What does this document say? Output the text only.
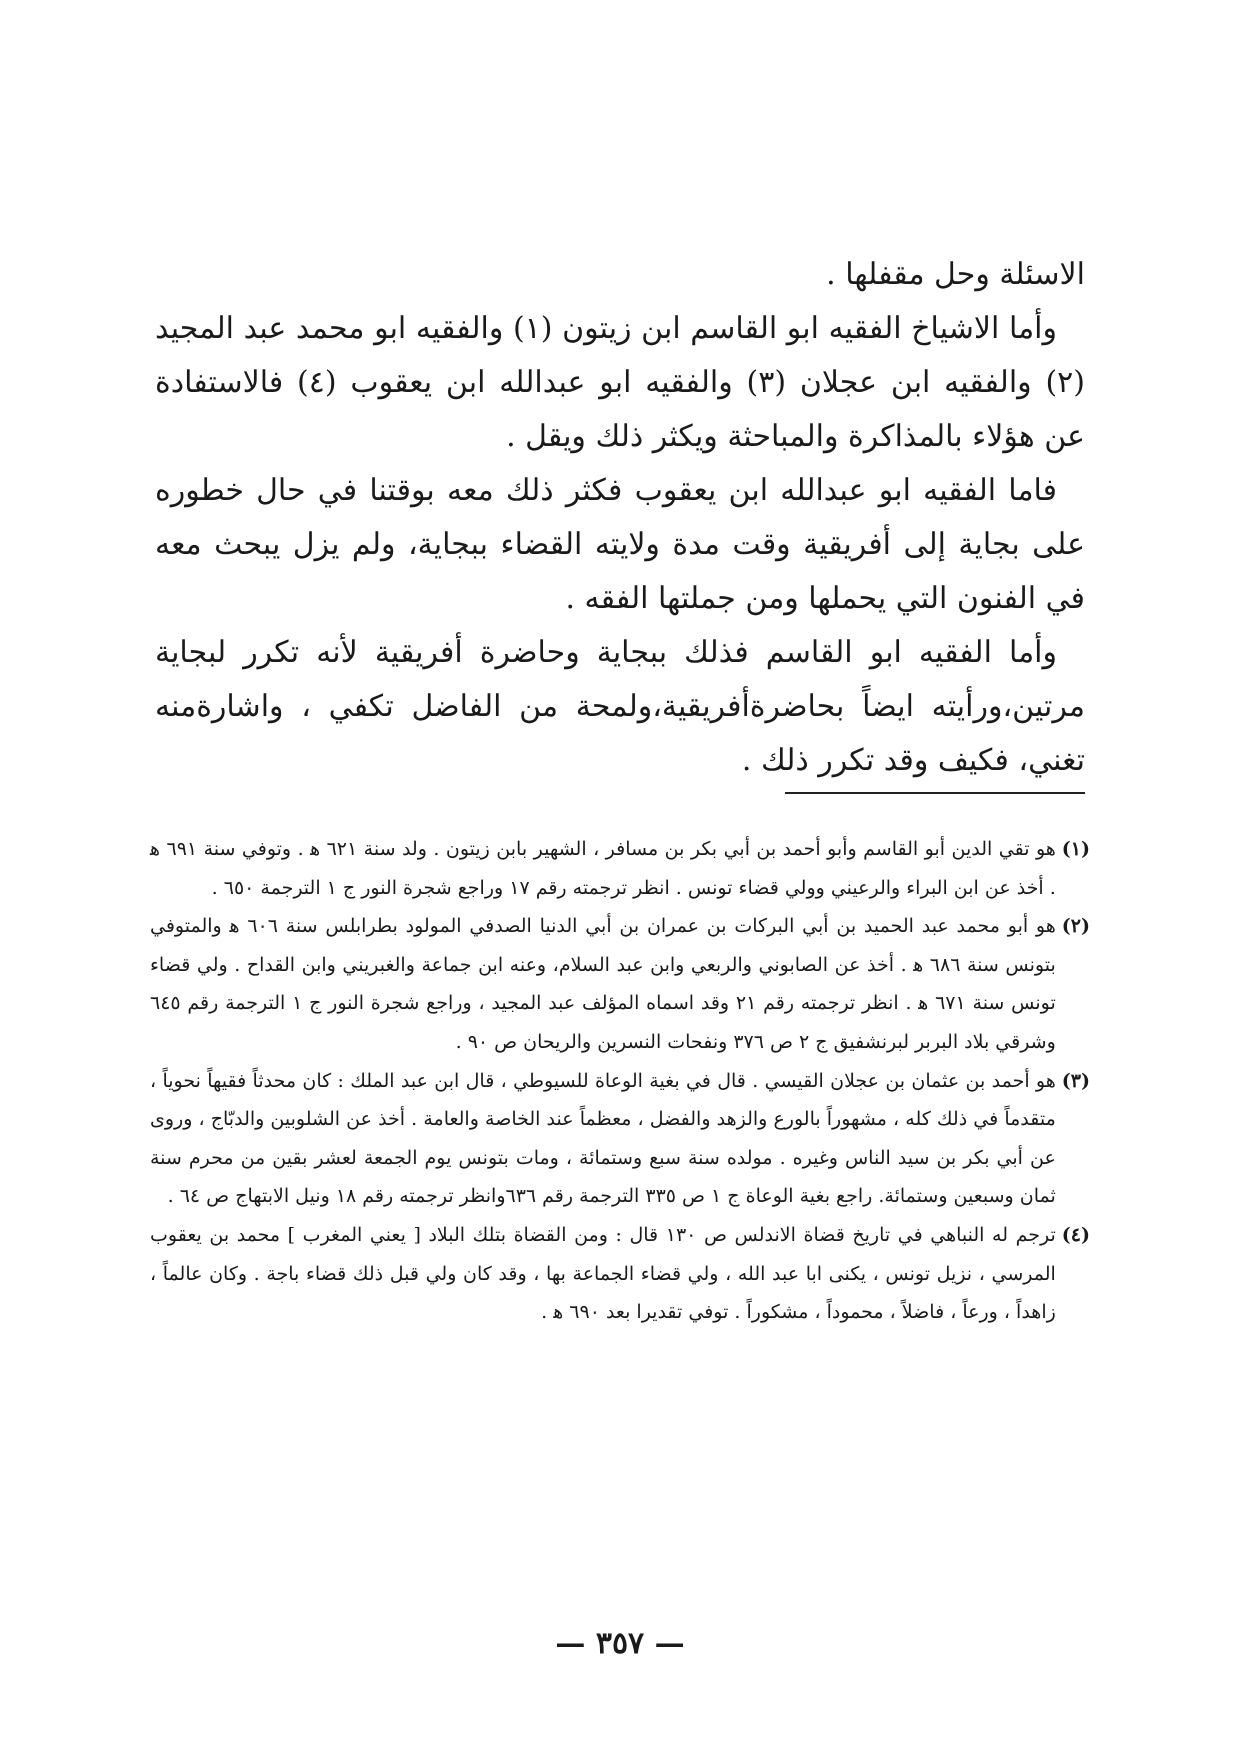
الاسئلة وحل مقفلها .

وأما الاشياخ الفقيه ابو القاسم ابن زيتون (١) والفقيه ابو محمد عبد المجيد (٢) والفقيه ابن عجلان (٣) والفقيه ابو عبدالله ابن يعقوب (٤) فالاستفادة عن هؤلاء بالمذاكرة والمباحثة ويكثر ذلك ويقل .

فاما الفقيه ابو عبدالله ابن يعقوب فكثر ذلك معه بوقتنا في حال خطوره على بجاية إلى أفريقية وقت مدة ولايته القضاء ببجاية، ولم يزل يبحث معه في الفنون التي يحملها ومن جملتها الفقه .

وأما الفقيه ابو القاسم فذلك ببجاية وحاضرة أفريقية لأنه تكرر لبجاية مرتين،ورأيته ايضاً بحاضرةأفريقية،ولمحة من الفاضل تكفي ، واشارةمنه تغني، فكيف وقد تكرر ذلك .

(١)
هو تقي الدين أبو القاسم وأبو أحمد بن أبي بكر بن مسافر ، الشهير بابن زيتون . ولد سنة ٦٢١ ﻫ . وتوفي سنة ٦٩١ ﻫ . أخذ عن ابن البراء والرعيني وولي قضاء تونس . انظر ترجمته رقم ١٧ وراجع شجرة النور ج ١ الترجمة ٦٥٠ .
(٢)
هو أبو محمد عبد الحميد بن أبي البركات بن عمران بن أبي الدنيا الصدفي المولود بطرابلس سنة ٦٠٦ ﻫ والمتوفي بتونس سنة ٦٨٦ ﻫ . أخذ عن الصابوني والربعي وابن عبد السلام، وعنه ابن جماعة والغبريني وابن القداح . ولي قضاء تونس سنة ٦٧١ ﻫ . انظر ترجمته رقم ٢١ وقد اسماه المؤلف عبد المجيد ، وراجع شجرة النور ج ١ الترجمة رقم ٦٤٥ وشرقي بلاد البربر لبرنشفيق ج ٢ ص ٣٧٦ ونفحات النسرين والريحان ص ٩٠ .
(٣)
هو أحمد بن عثمان بن عجلان القيسي . قال في بغية الوعاة للسيوطي ، قال ابن عبد الملك : كان محدثاً فقيهاً نحوياً ، متقدماً في ذلك كله ، مشهوراً بالورع والزهد والفضل ، معظماً عند الخاصة والعامة . أخذ عن الشلوبين والدبّاج ، وروى عن أبي بكر بن سيد الناس وغيره . مولده سنة سبع وستمائة ، ومات بتونس يوم الجمعة لعشر بقين من محرم سنة ثمان وسبعين وستمائة. راجع بغية الوعاة ج ١ ص ٣٣٥ الترجمة رقم ٦٣٦وانظر ترجمته رقم ١٨ ونيل الابتهاج ص ٦٤ .
(٤)
ترجم له النباهي في تاريخ قضاة الاندلس ص ١٣٠ قال : ومن القضاة بتلك البلاد [ يعني المغرب ] محمد بن يعقوب المرسي ، نزيل تونس ، يكنى ابا عبد الله ، ولي قضاء الجماعة بها ، وقد كان ولي قبل ذلك قضاء باجة . وكان عالماً ، زاهداً ، ورعاً ، فاضلاً ، محموداً ، مشكوراً . توفي تقديرا بعد ٦٩٠ ﻫ .
— ٣٥٧ —
